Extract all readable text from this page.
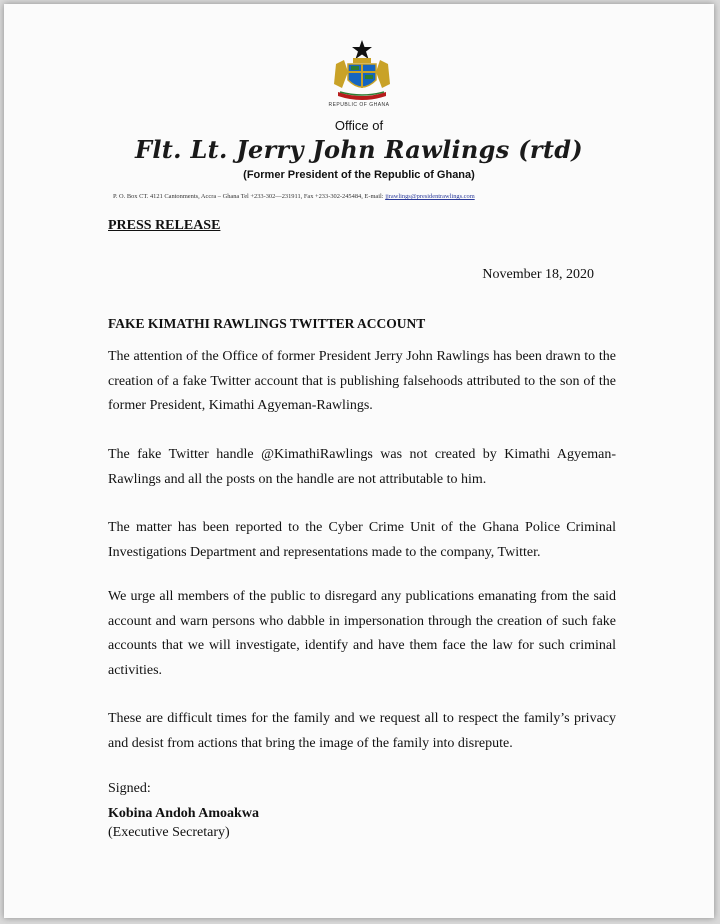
REPUBLIC OF GHANA
Office of
Flt. Lt. Jerry John Rawlings (rtd)
(Former President of the Republic of Ghana)
P. O. Box CT. 4121 Cantonments, Accra – Ghana Tel +233-302—231911, Fax +233-302-245484, E-mail: jjrawlings@presidentrawlings.com
PRESS RELEASE
November 18, 2020
FAKE KIMATHI RAWLINGS TWITTER ACCOUNT
The attention of the Office of former President Jerry John Rawlings has been drawn to the creation of a fake Twitter account that is publishing falsehoods attributed to the son of the former President, Kimathi Agyeman-Rawlings.
The fake Twitter handle @KimathiRawlings was not created by Kimathi Agyeman-Rawlings and all the posts on the handle are not attributable to him.
The matter has been reported to the Cyber Crime Unit of the Ghana Police Criminal Investigations Department and representations made to the company, Twitter.
We urge all members of the public to disregard any publications emanating from the said account and warn persons who dabble in impersonation through the creation of such fake accounts that we will investigate, identify and have them face the law for such criminal activities.
These are difficult times for the family and we request all to respect the family’s privacy and desist from actions that bring the image of the family into disrepute.
Signed:
Kobina Andoh Amoakwa
(Executive Secretary)
